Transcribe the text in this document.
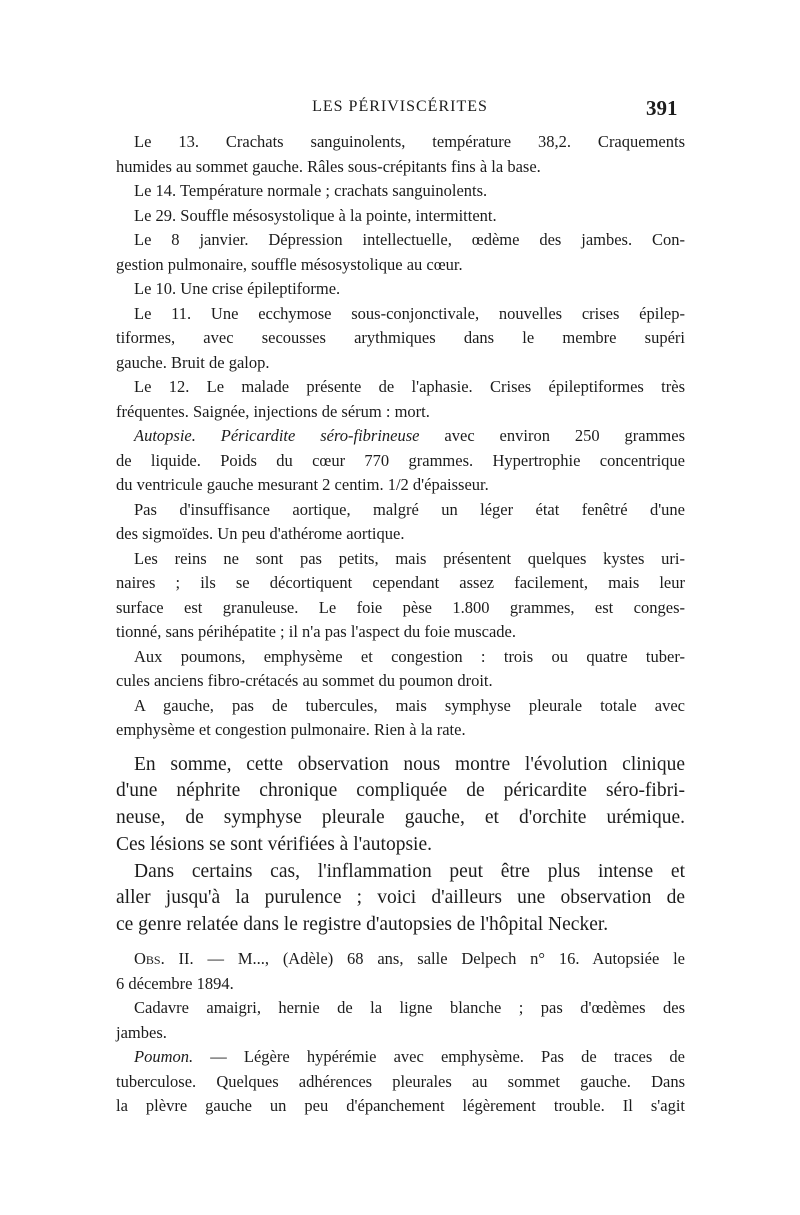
LES PÉRIVISCÉRITES	391
Le 13. Crachats sanguinolents, température 38,2. Craquements
humides au sommet gauche. Râles sous-crépitants fins à la base.
Le 14. Température normale ; crachats sanguinolents.
Le 29. Souffle mésosystolique à la pointe, intermittent.
Le 8 janvier. Dépression intellectuelle, œdème des jambes. Con-
gestion pulmonaire, souffle mésosystolique au cœur.
Le 10. Une crise épileptiforme.
Le 11. Une ecchymose sous-conjonctivale, nouvelles crises épilep-
tiformes, avec secousses arythmiques dans le membre supéri
gauche. Bruit de galop.
Le 12. Le malade présente de l'aphasie. Crises épileptiformes très
fréquentes. Saignée, injections de sérum : mort.
Autopsie. Péricardite séro-fibrineuse avec environ 250 grammes
de liquide. Poids du cœur 770 grammes. Hypertrophie concentrique
du ventricule gauche mesurant 2 centim. 1/2 d'épaisseur.
Pas d'insuffisance aortique, malgré un léger état fenêtré d'une
des sigmoïdes. Un peu d'athérome aortique.
Les reins ne sont pas petits, mais présentent quelques kystes uri-
naires ; ils se décortiquent cependant assez facilement, mais leur
surface est granuleuse. Le foie pèse 1.800 grammes, est conges-
tionné, sans périhépatite ; il n'a pas l'aspect du foie muscade.
Aux poumons, emphysème et congestion : trois ou quatre tuber-
cules anciens fibro-crétacés au sommet du poumon droit.
A gauche, pas de tubercules, mais symphyse pleurale totale avec
emphysème et congestion pulmonaire. Rien à la rate.
En somme, cette observation nous montre l'évolution clinique
d'une néphrite chronique compliquée de péricardite séro-fibri-
neuse, de symphyse pleurale gauche, et d'orchite urémique.
Ces lésions se sont vérifiées à l'autopsie.
Dans certains cas, l'inflammation peut être plus intense et
aller jusqu'à la purulence ; voici d'ailleurs une observation de
ce genre relatée dans le registre d'autopsies de l'hôpital Necker.
Obs. II. — M..., (Adèle) 68 ans, salle Delpech n° 16. Autopsiée le
6 décembre 1894.
Cadavre amaigri, hernie de la ligne blanche ; pas d'œdèmes des
jambes.
Poumon. — Légère hypérémie avec emphysème. Pas de traces de
tuberculose. Quelques adhérences pleurales au sommet gauche. Dans
la plèvre gauche un peu d'épanchement légèrement trouble. Il s'agit
